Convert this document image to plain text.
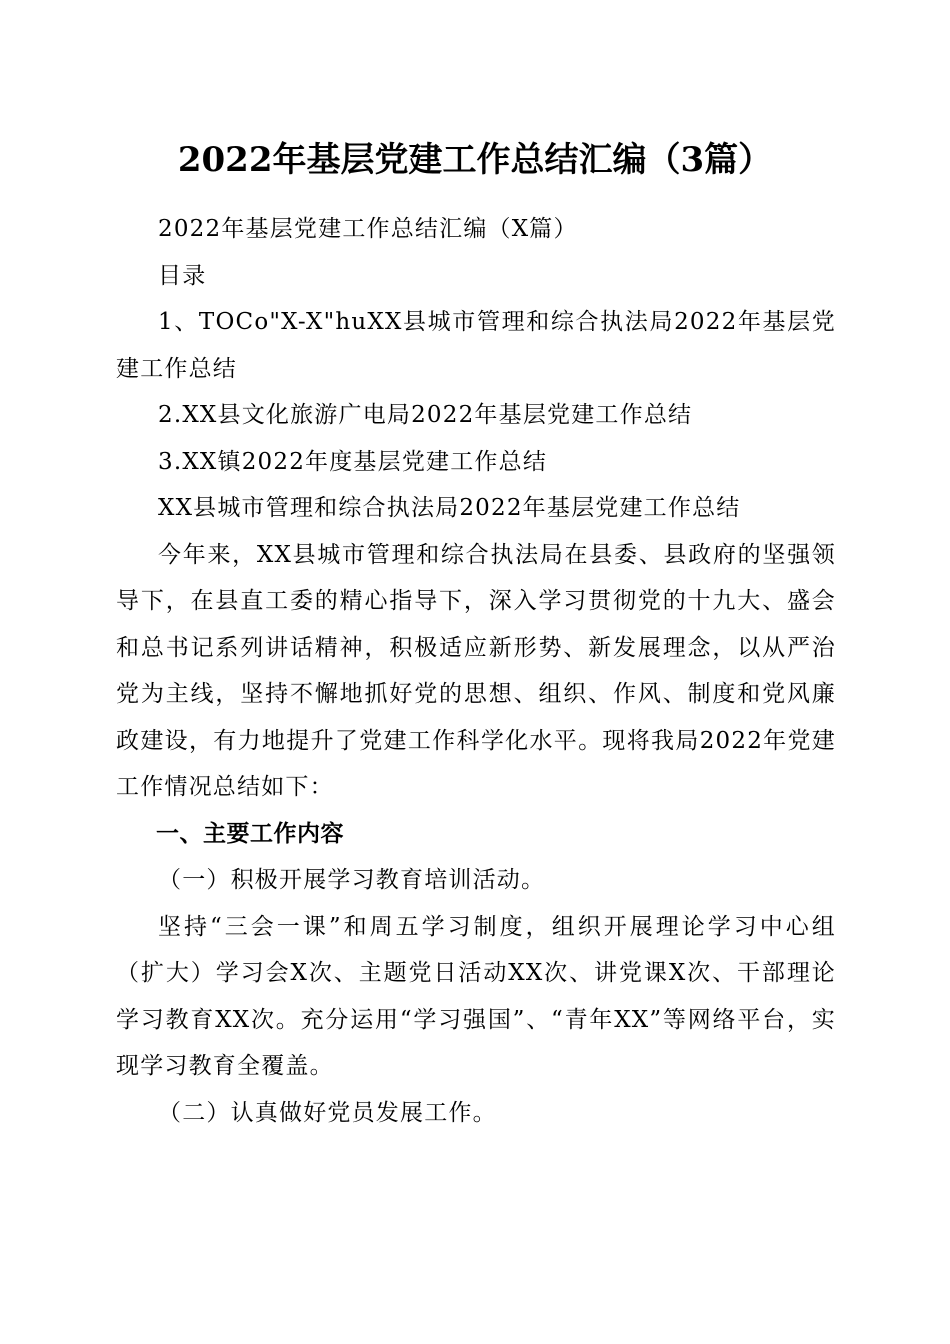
2022年基层党建工作总结汇编（3篇）

2022年基层党建工作总结汇编（X篇）

目录

1、TOCo"X-X"huXX县城市管理和综合执法局2022年基层党建工作总结

2.XX县文化旅游广电局2022年基层党建工作总结

3.XX镇2022年度基层党建工作总结

XX县城市管理和综合执法局2022年基层党建工作总结

今年来，XX县城市管理和综合执法局在县委、县政府的坚强领导下，在县直工委的精心指导下，深入学习贯彻党的十九大、盛会和总书记系列讲话精神，积极适应新形势、新发展理念，以从严治党为主线，坚持不懈地抓好党的思想、组织、作风、制度和党风廉政建设，有力地提升了党建工作科学化水平。现将我局2022年党建工作情况总结如下：

一、主要工作内容

（一）积极开展学习教育培训活动。

坚持“三会一课”和周五学习制度，组织开展理论学习中心组（扩大）学习会X次、主题党日活动XX次、讲党课X次、干部理论学习教育XX次。充分运用“学习强国”、“青年XX”等网络平台，实现学习教育全覆盖。

（二）认真做好党员发展工作。
